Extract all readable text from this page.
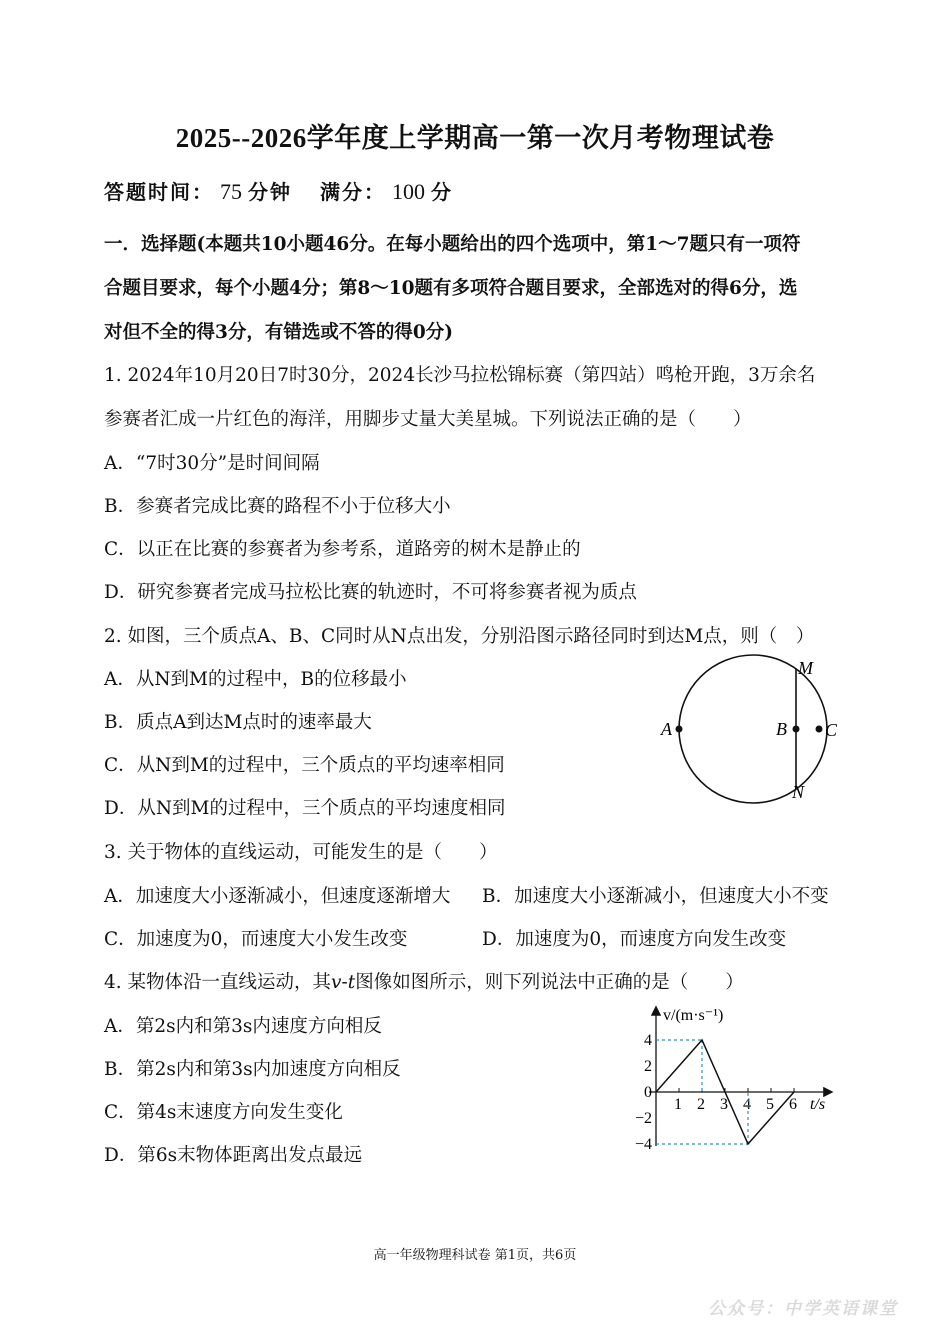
2025--2026学年度上学期高一第一次月考物理试卷
答题时间： 75 分钟 满分： 100 分
一．选择题(本题共10小题46分。在每小题给出的四个选项中，第1～7题只有一项符
合题目要求，每个小题4分；第8～10题有多项符合题目要求，全部选对的得6分，选
对但不全的得3分，有错选或不答的得0分)
1. 2024年10月20日7时30分，2024长沙马拉松锦标赛（第四站）鸣枪开跑，3万余名
参赛者汇成一片红色的海洋，用脚步丈量大美星城。下列说法正确的是（　　）
A．“7时30分”是时间间隔
B．参赛者完成比赛的路程不小于位移大小
C．以正在比赛的参赛者为参考系，道路旁的树木是静止的
D．研究参赛者完成马拉松比赛的轨迹时，不可将参赛者视为质点
2. 如图，三个质点A、B、C同时从N点出发，分别沿图示路径同时到达M点，则（　）
A．从N到M的过程中，B的位移最小
B．质点A到达M点时的速率最大
C．从N到M的过程中，三个质点的平均速率相同
D．从N到M的过程中，三个质点的平均速度相同
M
N
A	B C
3. 关于物体的直线运动，可能发生的是（　　）
A．加速度大小逐渐减小，但速度逐渐增大 B．加速度大小逐渐减小，但速度大小不变
C．加速度为0，而速度大小发生改变	D．加速度为0，而速度方向发生改变
4. 某物体沿一直线运动，其v-t图像如图所示，则下列说法中正确的是（　　）
A．第2s内和第3s内速度方向相反
B．第2s内和第3s内加速度方向相反
C．第4s末速度方向发生变化
D．第6s末物体距离出发点最远
v/(m·s⁻¹)
t/s
1 2 3 4 5 6
4
2
0
−2
−4
高一年级物理科试卷 第1页，共6页
公众号：中学英语课堂
